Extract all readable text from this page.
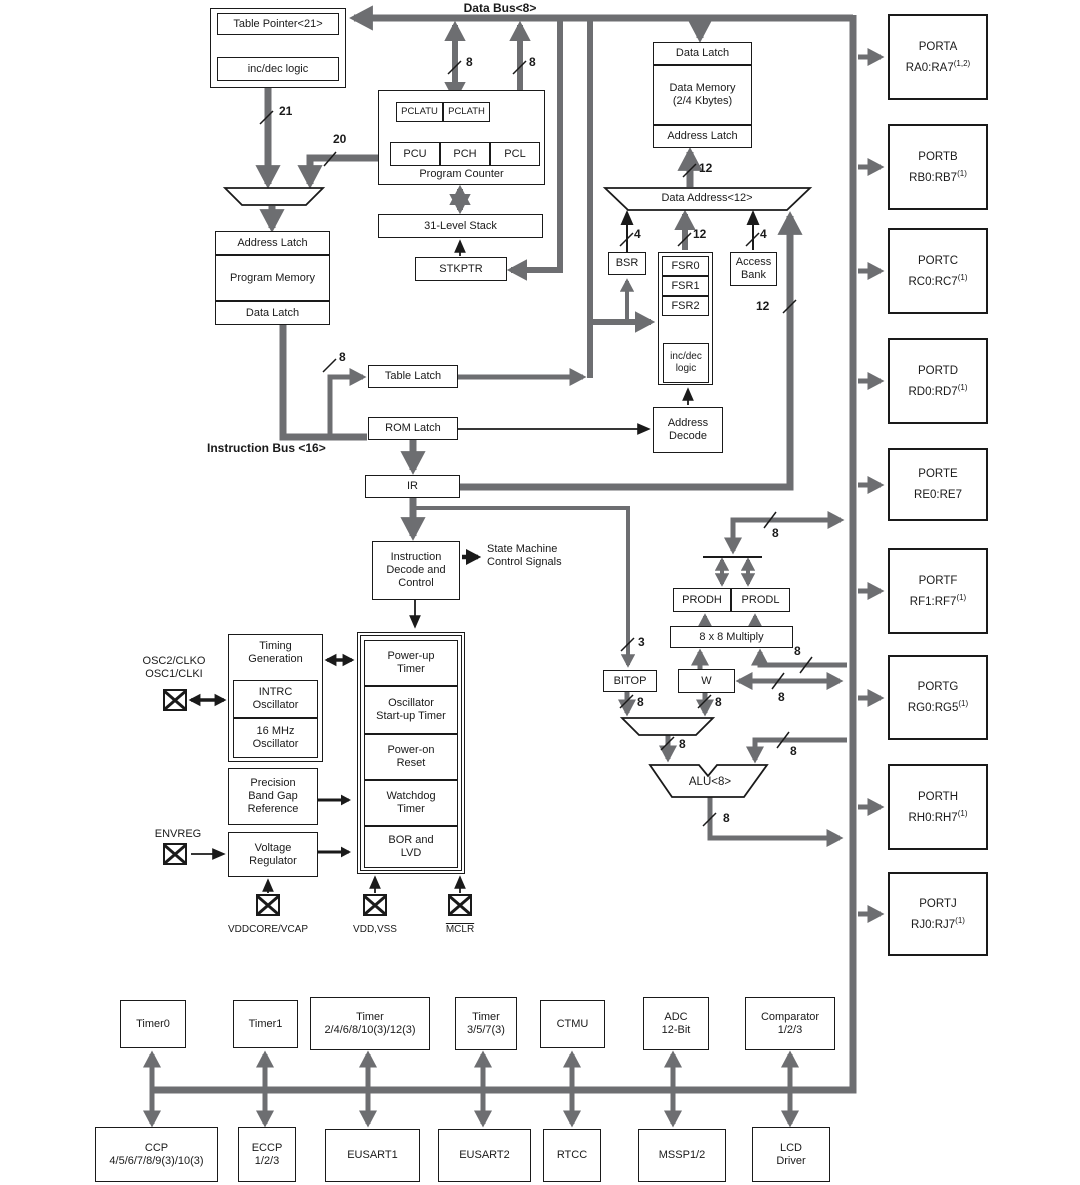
Data Bus<8>
Instruction Bus <16>
Table Pointer<21>
inc/dec logic
PCLATU	PCLATH
PCU	PCH	PCL
Program Counter
31-Level Stack
STKPTR
Address Latch
Program Memory
Data Latch
Table Latch
ROM Latch
IR
Instruction
Decode and
Control
State Machine
Control Signals
Data Latch
Data Memory
(2/4 Kbytes)
Address Latch
Data Address<12>
BSR	FSR0
FSR1
FSR2
inc/dec
logic
Access
Bank
Address
Decode
Timing
Generation
INTRC
Oscillator
16 MHz
Oscillator
Power-up
Timer
Oscillator
Start-up Timer
Power-on
Reset
Watchdog
Timer
BOR and
LVD
Precision
Band Gap
Reference
Voltage
Regulator
OSC2/CLKO
OSC1/CLKI
ENVREG
VDDCORE/VCAP	VDD,VSS	MCLR
PRODH	PRODL
8 x 8 Multiply
BITOP	W
ALU<8>
8	8
21
20
12
4	12	4
12
8
3
8
8
8
8	8
8	8
8
PORTA
RA0:RA7$^{(1,2)}$
PORTB
RB0:RB7$^{(1)}$
PORTC
RC0:RC7$^{(1)}$
PORTD
RD0:RD7$^{(1)}$
PORTE
RE0:RE7
PORTF
RF1:RF7$^{(1)}$
PORTG
RG0:RG5$^{(1)}$
PORTH
RH0:RH7$^{(1)}$
PORTJ
RJ0:RJ7$^{(1)}$
Timer0	Timer1
Timer
2/4/6/8/10(3)/12(3)
Timer
3/5/7(3)	CTMU
ADC
12-Bit
Comparator
1/2/3
CCP
4/5/6/7/8/9(3)/10(3)
ECCP
1/2/3	EUSART1	EUSART2	RTCC	MSSP1/2
LCD
Driver
